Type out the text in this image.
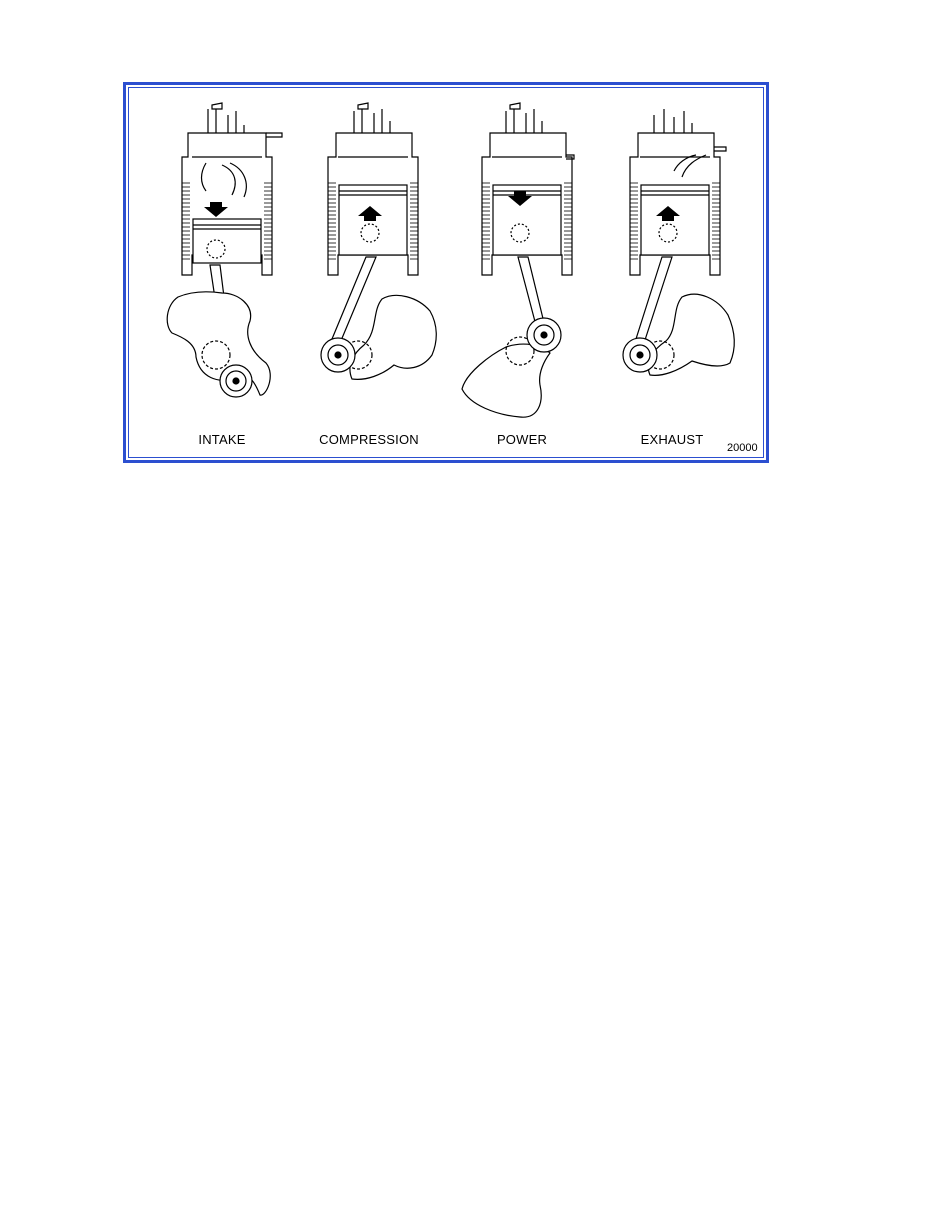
INTAKE	COMPRESSION	POWER	EXHAUST
20000
